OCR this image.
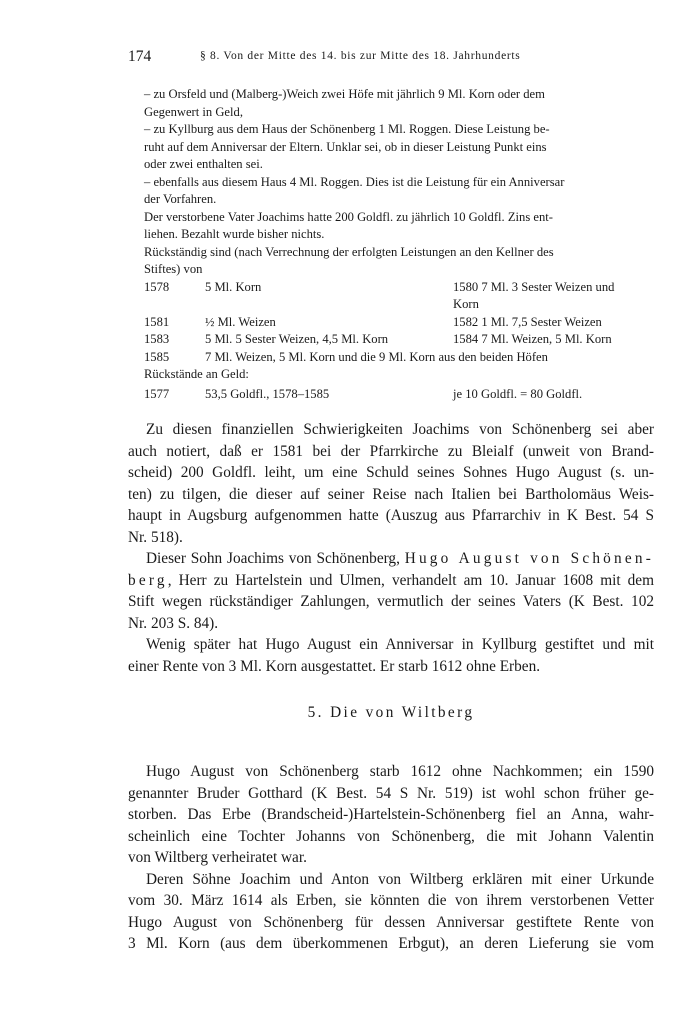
174	§ 8. Von der Mitte des 14. bis zur Mitte des 18. Jahrhunderts
– zu Orsfeld und (Malberg-)Weich zwei Höfe mit jährlich 9 Ml. Korn oder dem
Gegenwert in Geld,
– zu Kyllburg aus dem Haus der Schönenberg 1 Ml. Roggen. Diese Leistung be-
ruht auf dem Anniversar der Eltern. Unklar sei, ob in dieser Leistung Punkt eins
oder zwei enthalten sei.
– ebenfalls aus diesem Haus 4 Ml. Roggen. Dies ist die Leistung für ein Anniversar
der Vorfahren.
Der verstorbene Vater Joachims hatte 200 Goldfl. zu jährlich 10 Goldfl. Zins ent-
liehen. Bezahlt wurde bisher nichts.
Rückständig sind (nach Verrechnung der erfolgten Leistungen an den Kellner des
Stiftes) von
1578	5 Ml. Korn	1580 7 Ml. 3 Sester Weizen und
Korn
1581	½ Ml. Weizen	1582 1 Ml. 7,5 Sester Weizen
1583	5 Ml. 5 Sester Weizen, 4,5 Ml. Korn	1584 7 Ml. Weizen, 5 Ml. Korn
1585	7 Ml. Weizen, 5 Ml. Korn und die 9 Ml. Korn aus den beiden Höfen
Rückstände an Geld:
1577	53,5 Goldfl., 1578–1585	je 10 Goldfl. = 80 Goldfl.
Zu diesen finanziellen Schwierigkeiten Joachims von Schönenberg sei aber
auch notiert, daß er 1581 bei der Pfarrkirche zu Bleialf (unweit von Brand-
scheid) 200 Goldfl. leiht, um eine Schuld seines Sohnes Hugo August (s. un-
ten) zu tilgen, die dieser auf seiner Reise nach Italien bei Bartholomäus Weis-
haupt in Augsburg aufgenommen hatte (Auszug aus Pfarrarchiv in K Best. 54 S
Nr. 518).
Dieser Sohn Joachims von Schönenberg, Hugo August von Schönen-
berg, Herr zu Hartelstein und Ulmen, verhandelt am 10. Januar 1608 mit dem
Stift wegen rückständiger Zahlungen, vermutlich der seines Vaters (K Best. 102
Nr. 203 S. 84).
Wenig später hat Hugo August ein Anniversar in Kyllburg gestiftet und mit
einer Rente von 3 Ml. Korn ausgestattet. Er starb 1612 ohne Erben.
5. Die von Wiltberg
Hugo August von Schönenberg starb 1612 ohne Nachkommen; ein 1590
genannter Bruder Gotthard (K Best. 54 S Nr. 519) ist wohl schon früher ge-
storben. Das Erbe (Brandscheid-)Hartelstein-Schönenberg fiel an Anna, wahr-
scheinlich eine Tochter Johanns von Schönenberg, die mit Johann Valentin
von Wiltberg verheiratet war.
Deren Söhne Joachim und Anton von Wiltberg erklären mit einer Urkunde
vom 30. März 1614 als Erben, sie könnten die von ihrem verstorbenen Vetter
Hugo August von Schönenberg für dessen Anniversar gestiftete Rente von
3 Ml. Korn (aus dem überkommenen Erbgut), an deren Lieferung sie vom
